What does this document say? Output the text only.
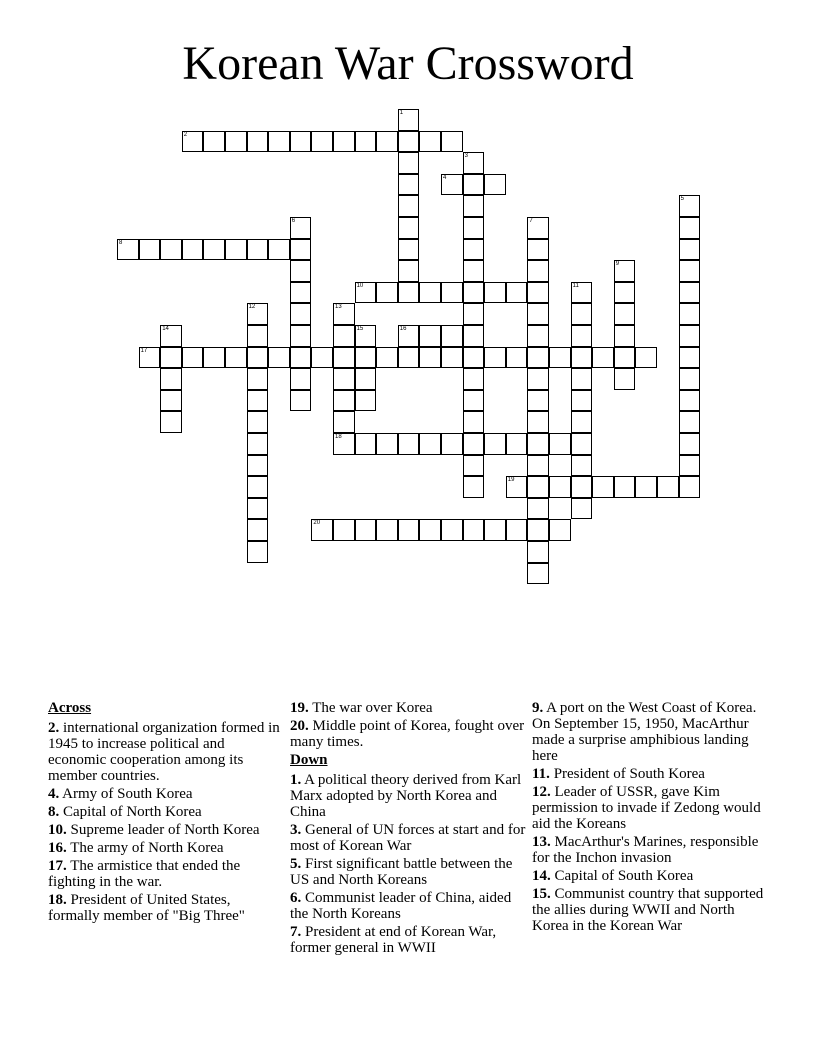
Korean War Crossword
1
2
3
4
5
6	7
8
9
10	11
12	13
14	15	16
17
18
19
20
Across
2. international organization formed in 1945 to increase political and economic cooperation among its member countries.
4. Army of South Korea
8. Capital of North Korea
10. Supreme leader of North Korea
16. The army of North Korea
17. The armistice that ended the fighting in the war.
18. President of United States, formally member of "Big Three"
19. The war over Korea
20. Middle point of Korea, fought over many times.
Down
1. A political theory derived from Karl Marx adopted by North Korea and China
3. General of UN forces at start and for most of Korean War
5. First significant battle between the US and North Koreans
6. Communist leader of China, aided the North Koreans
7. President at end of Korean War, former general in WWII
9. A port on the West Coast of Korea. On September 15, 1950, MacArthur made a surprise amphibious landing here
11. President of South Korea
12. Leader of USSR, gave Kim permission to invade if Zedong would aid the Koreans
13. MacArthur's Marines, responsible for the Inchon invasion
14. Capital of South Korea
15. Communist country that supported the allies during WWII and North Korea in the Korean War
